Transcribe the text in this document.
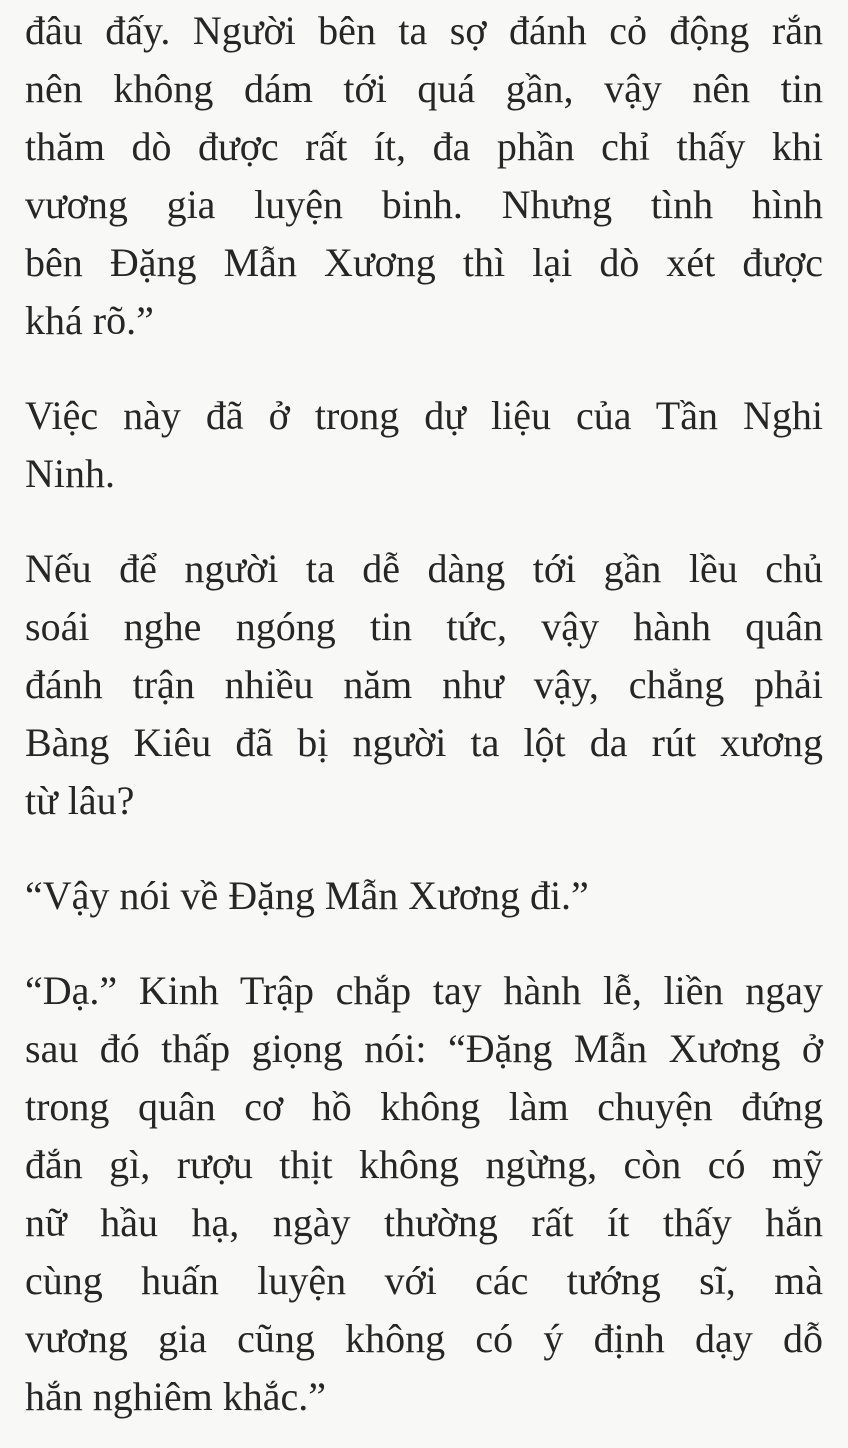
đâu đấy. Người bên ta sợ đánh cỏ động rắn
nên không dám tới quá gần, vậy nên tin
thăm dò được rất ít, đa phần chỉ thấy khi
vương gia luyện binh. Nhưng tình hình
bên Đặng Mẫn Xương thì lại dò xét được
khá rõ.”

Việc này đã ở trong dự liệu của Tần Nghi
Ninh.

Nếu để người ta dễ dàng tới gần lều chủ
soái nghe ngóng tin tức, vậy hành quân
đánh trận nhiều năm như vậy, chẳng phải
Bàng Kiêu đã bị người ta lột da rút xương
từ lâu?

“Vậy nói về Đặng Mẫn Xương đi.”

“Dạ.” Kinh Trập chắp tay hành lễ, liền ngay
sau đó thấp giọng nói: “Đặng Mẫn Xương ở
trong quân cơ hồ không làm chuyện đứng
đắn gì, rượu thịt không ngừng, còn có mỹ
nữ hầu hạ, ngày thường rất ít thấy hắn
cùng huấn luyện với các tướng sĩ, mà
vương gia cũng không có ý định dạy dỗ
hắn nghiêm khắc.”
